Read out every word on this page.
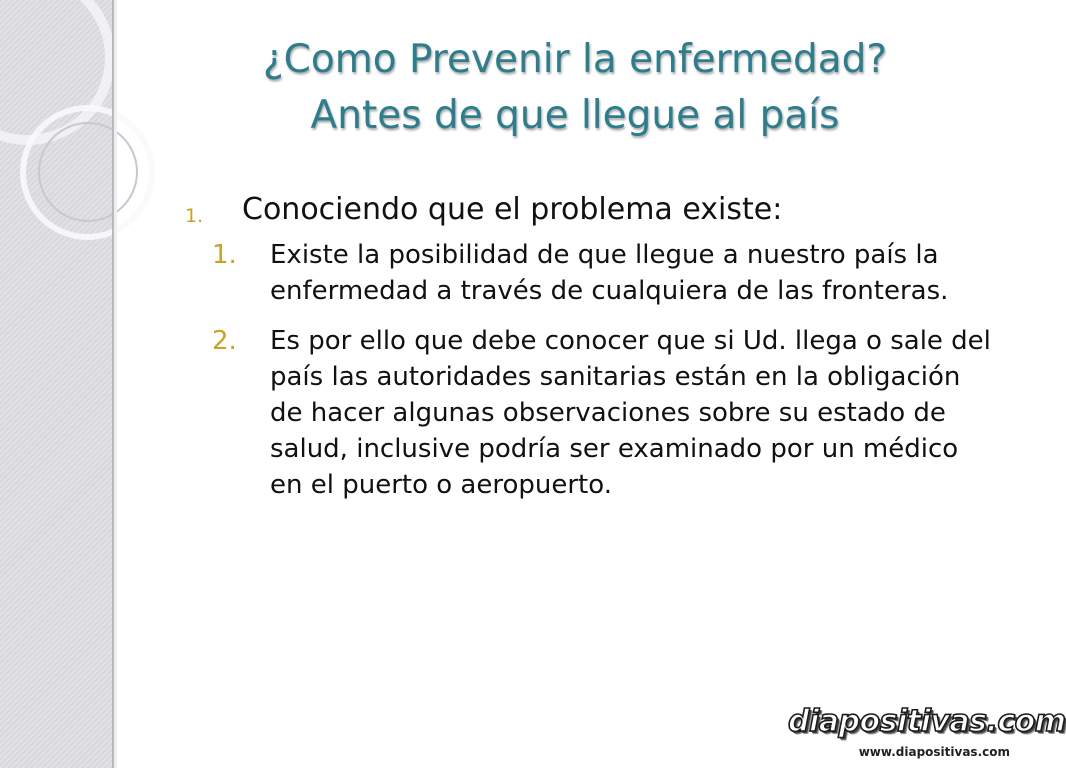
¿Como Prevenir la enfermedad?
Antes de que llegue al país
1. Conociendo que el problema existe:
1. Existe la posibilidad de que llegue a nuestro país la enfermedad a través de cualquiera de las fronteras.
2. Es por ello que debe conocer que si Ud. llega o sale del país las autoridades sanitarias están en la obligación de hacer algunas observaciones sobre su estado de salud, inclusive podría ser examinado por un médico en el puerto o aeropuerto.
diapositivas.com
www.diapositivas.com
